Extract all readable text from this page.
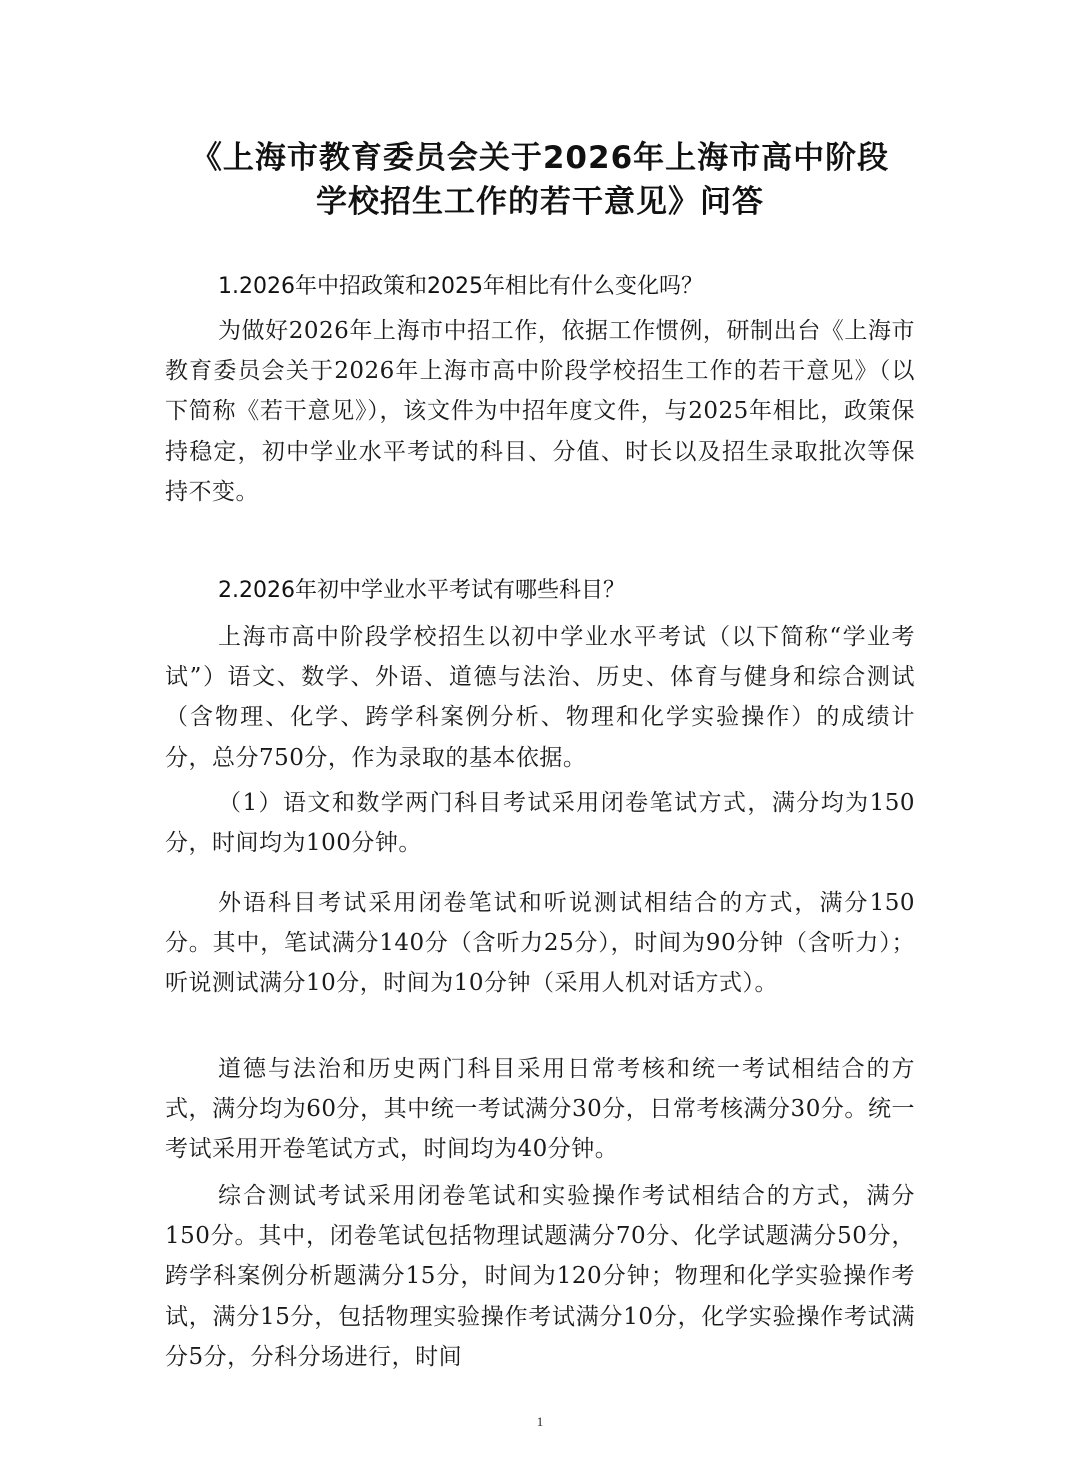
《上海市教育委员会关于2026年上海市高中阶段
学校招生工作的若干意见》问答
1.2026年中招政策和2025年相比有什么变化吗？

为做好2026年上海市中招工作，依据工作惯例，研制出台《上海市教育委员会关于2026年上海市高中阶段学校招生工作的若干意见》（以下简称《若干意见》），该文件为中招年度文件，与2025年相比，政策保持稳定，初中学业水平考试的科目、分值、时长以及招生录取批次等保持不变。

2.2026年初中学业水平考试有哪些科目？

上海市高中阶段学校招生以初中学业水平考试（以下简称“学业考试”）语文、数学、外语、道德与法治、历史、体育与健身和综合测试（含物理、化学、跨学科案例分析、物理和化学实验操作）的成绩计分，总分750分，作为录取的基本依据。

（1）语文和数学两门科目考试采用闭卷笔试方式，满分均为150分，时间均为100分钟。

外语科目考试采用闭卷笔试和听说测试相结合的方式，满分150分。其中，笔试满分140分（含听力25分），时间为90分钟（含听力）；听说测试满分10分，时间为10分钟（采用人机对话方式）。

道德与法治和历史两门科目采用日常考核和统一考试相结合的方式，满分均为60分，其中统一考试满分30分，日常考核满分30分。统一考试采用开卷笔试方式，时间均为40分钟。

综合测试考试采用闭卷笔试和实验操作考试相结合的方式，满分150分。其中，闭卷笔试包括物理试题满分70分、化学试题满分50分，跨学科案例分析题满分15分，时间为120分钟；物理和化学实验操作考试，满分15分，包括物理实验操作考试满分10分，化学实验操作考试满分5分，分科分场进行，时间

1
